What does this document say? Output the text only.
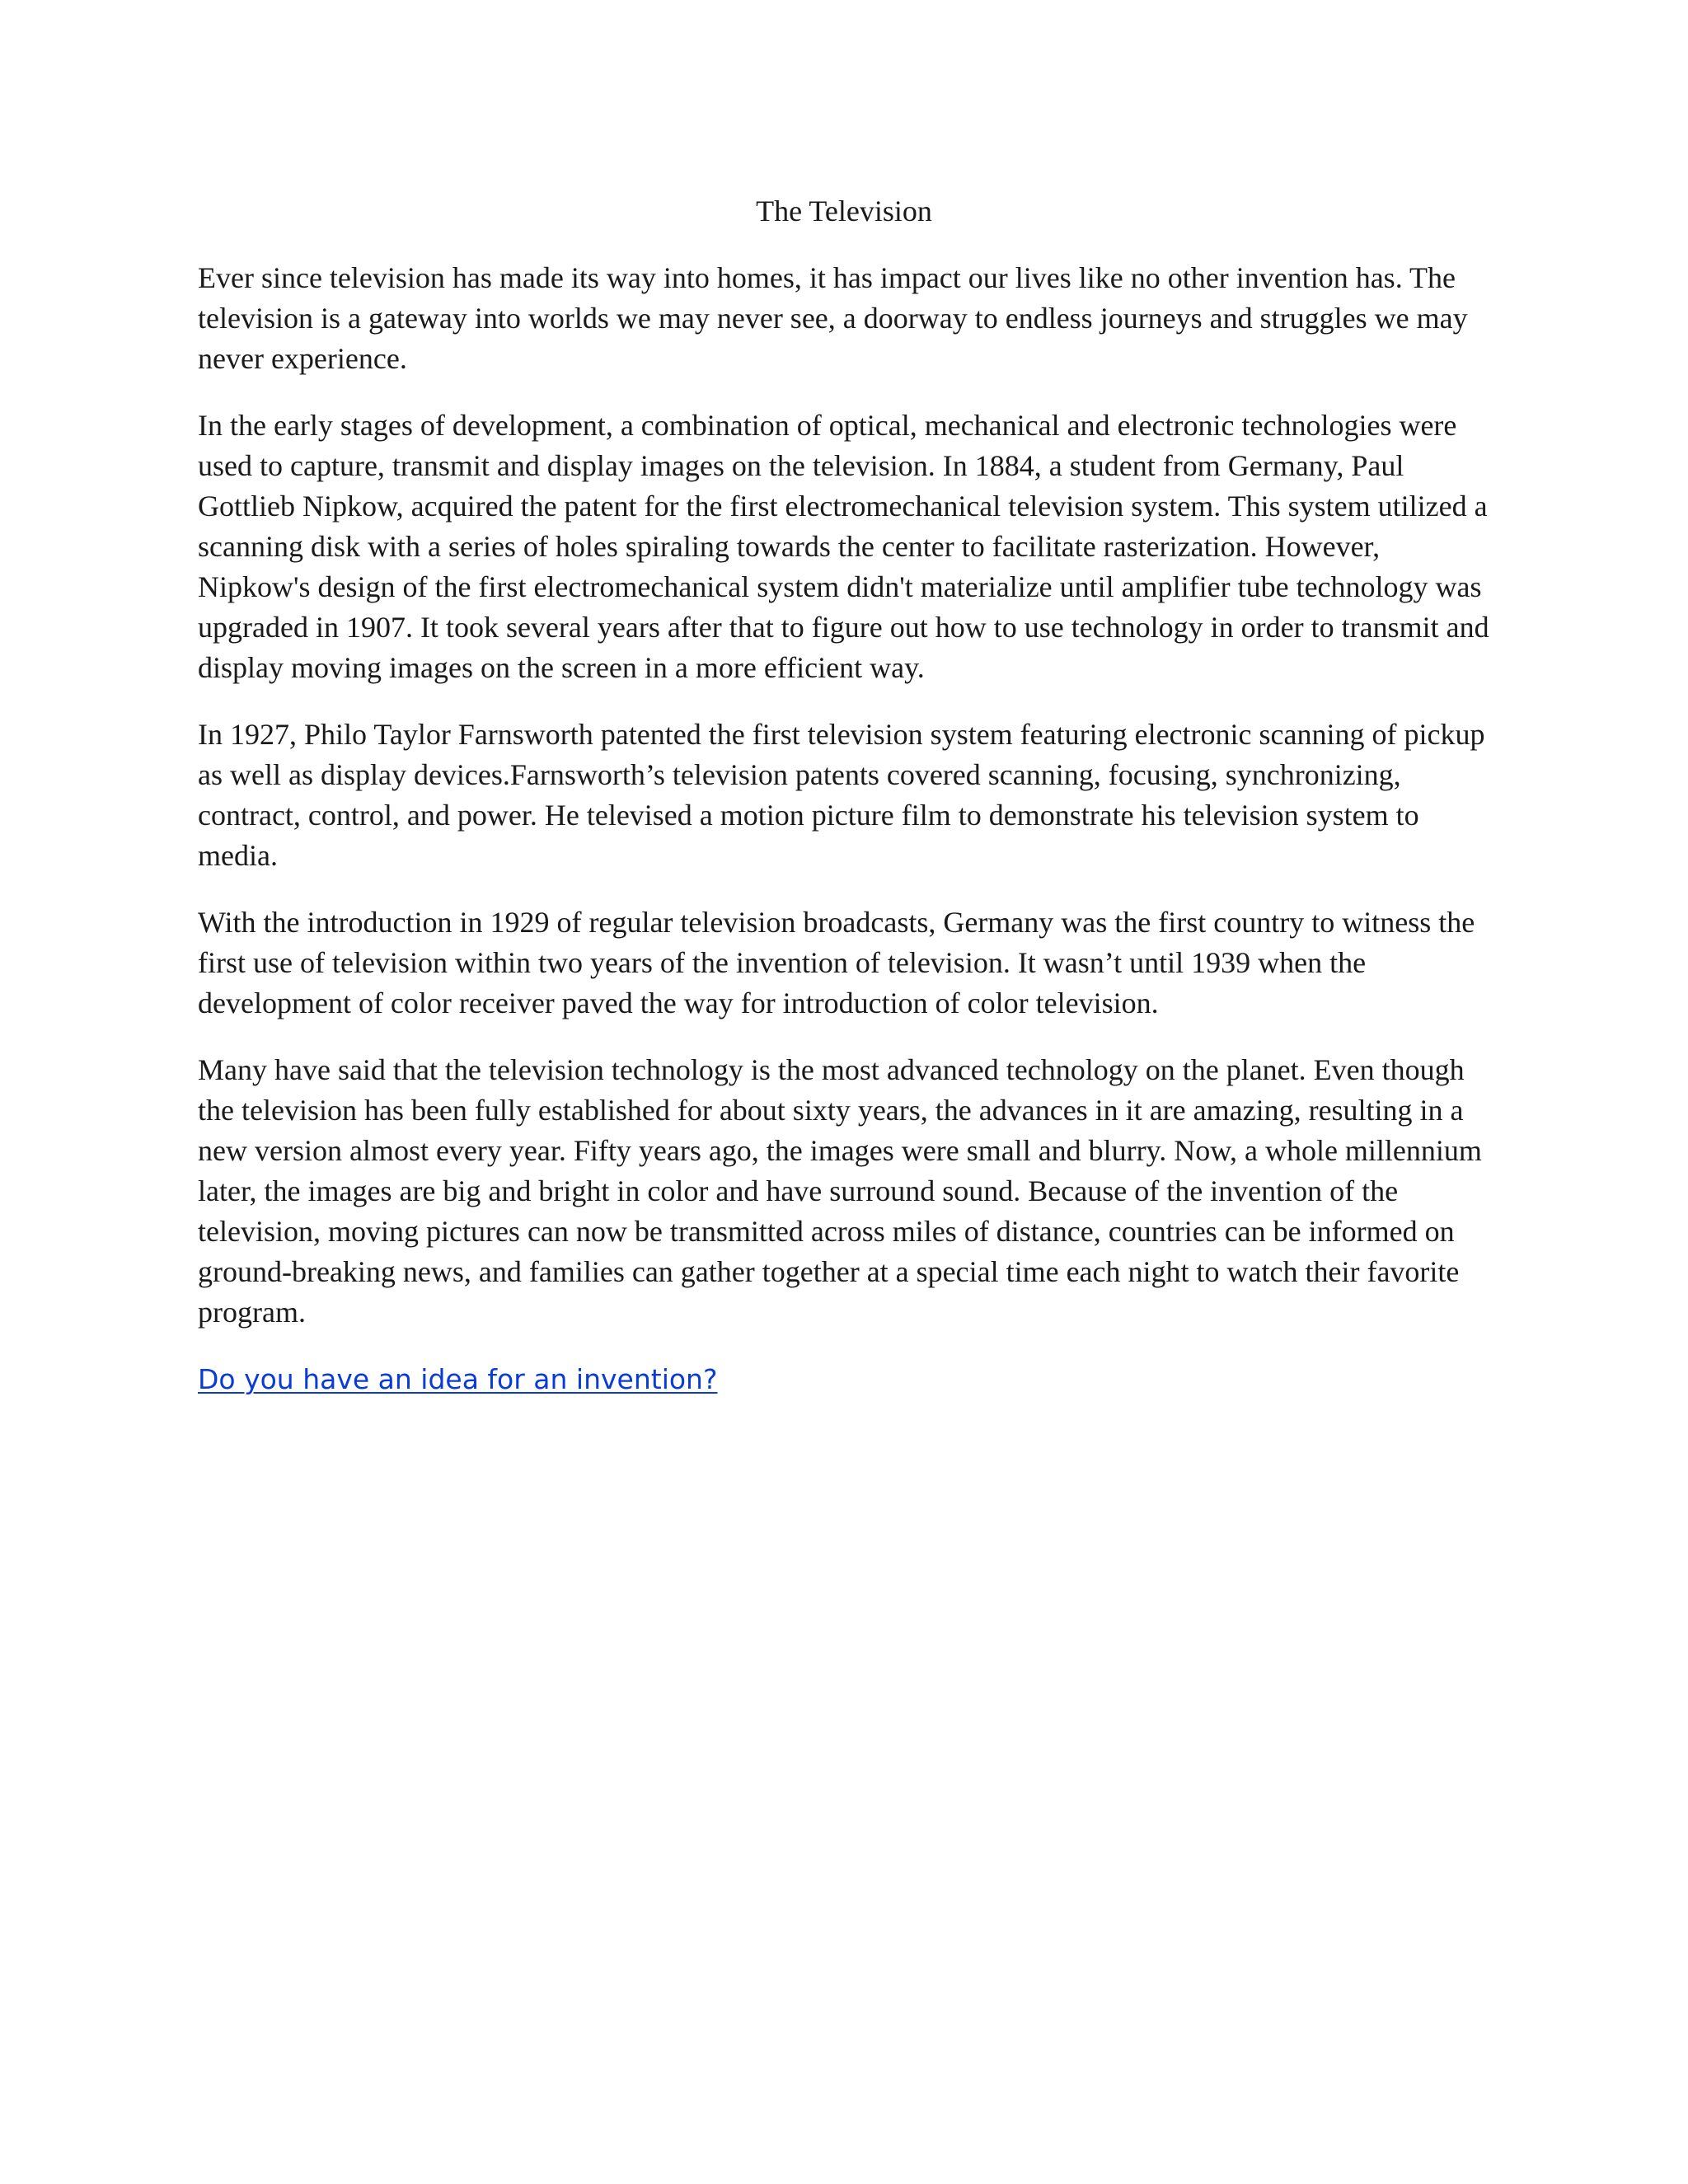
The Television

Ever since television has made its way into homes, it has impact our lives like no other invention has. The television is a gateway into worlds we may never see, a doorway to endless journeys and struggles we may never experience.

In the early stages of development, a combination of optical, mechanical and electronic technologies were used to capture, transmit and display images on the television. In 1884, a student from Germany, Paul Gottlieb Nipkow, acquired the patent for the first electromechanical television system. This system utilized a scanning disk with a series of holes spiraling towards the center to facilitate rasterization. However, Nipkow's design of the first electromechanical system didn't materialize until amplifier tube technology was upgraded in 1907. It took several years after that to figure out how to use technology in order to transmit and display moving images on the screen in a more efficient way.

In 1927, Philo Taylor Farnsworth patented the first television system featuring electronic scanning of pickup as well as display devices.Farnsworth’s television patents covered scanning, focusing, synchronizing, contract, control, and power. He televised a motion picture film to demonstrate his television system to media.

With the introduction in 1929 of regular television broadcasts, Germany was the first country to witness the first use of television within two years of the invention of television. It wasn’t until 1939 when the development of color receiver paved the way for introduction of color television.

Many have said that the television technology is the most advanced technology on the planet. Even though the television has been fully established for about sixty years, the advances in it are amazing, resulting in a new version almost every year. Fifty years ago, the images were small and blurry. Now, a whole millennium later, the images are big and bright in color and have surround sound. Because of the invention of the television, moving pictures can now be transmitted across miles of distance, countries can be informed on ground-breaking news, and families can gather together at a special time each night to watch their favorite program.

Do you have an idea for an invention?
